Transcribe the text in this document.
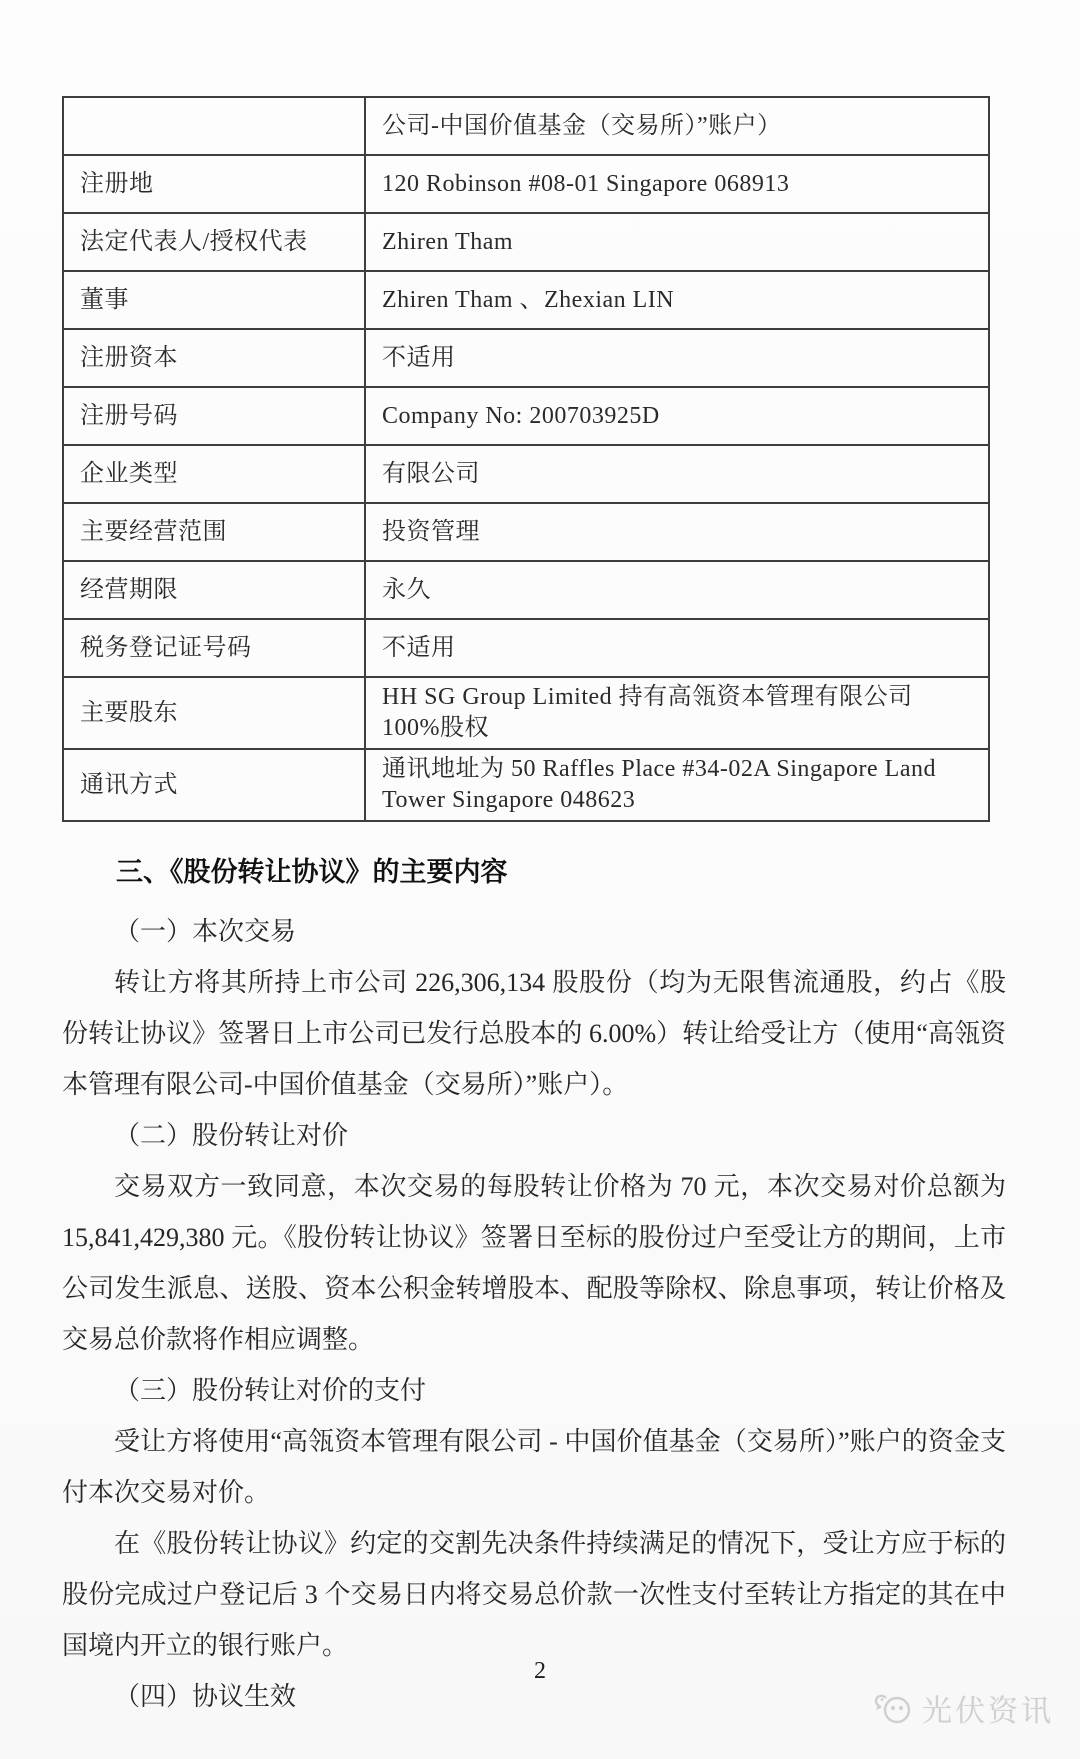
	公司-中国价值基金（交易所）”账户）
注册地	120 Robinson #08-01 Singapore 068913
法定代表人/授权代表	Zhiren Tham
董事	Zhiren Tham 、Zhexian LIN
注册资本	不适用
注册号码	Company No: 200703925D
企业类型	有限公司
主要经营范围	投资管理
经营期限	永久
税务登记证号码	不适用
主要股东	HH SG Group Limited 持有高瓴资本管理有限公司 100%股权
通讯方式	通讯地址为 50 Raffles Place #34-02A Singapore Land Tower Singapore 048623

三、《股份转让协议》的主要内容

（一）本次交易

转让方将其所持上市公司 226,306,134 股股份（均为无限售流通股，约占《股份转让协议》签署日上市公司已发行总股本的 6.00%）转让给受让方（使用“高瓴资本管理有限公司-中国价值基金（交易所）”账户）。

（二）股份转让对价

交易双方一致同意，本次交易的每股转让价格为 70 元，本次交易对价总额为 15,841,429,380 元。《股份转让协议》签署日至标的股份过户至受让方的期间，上市公司发生派息、送股、资本公积金转增股本、配股等除权、除息事项，转让价格及交易总价款将作相应调整。

（三）股份转让对价的支付

受让方将使用“高瓴资本管理有限公司 - 中国价值基金（交易所）”账户的资金支付本次交易对价。

在《股份转让协议》约定的交割先决条件持续满足的情况下，受让方应于标的股份完成过户登记后 3 个交易日内将交易总价款一次性支付至转让方指定的其在中国境内开立的银行账户。

（四）协议生效

2
光伏资讯
